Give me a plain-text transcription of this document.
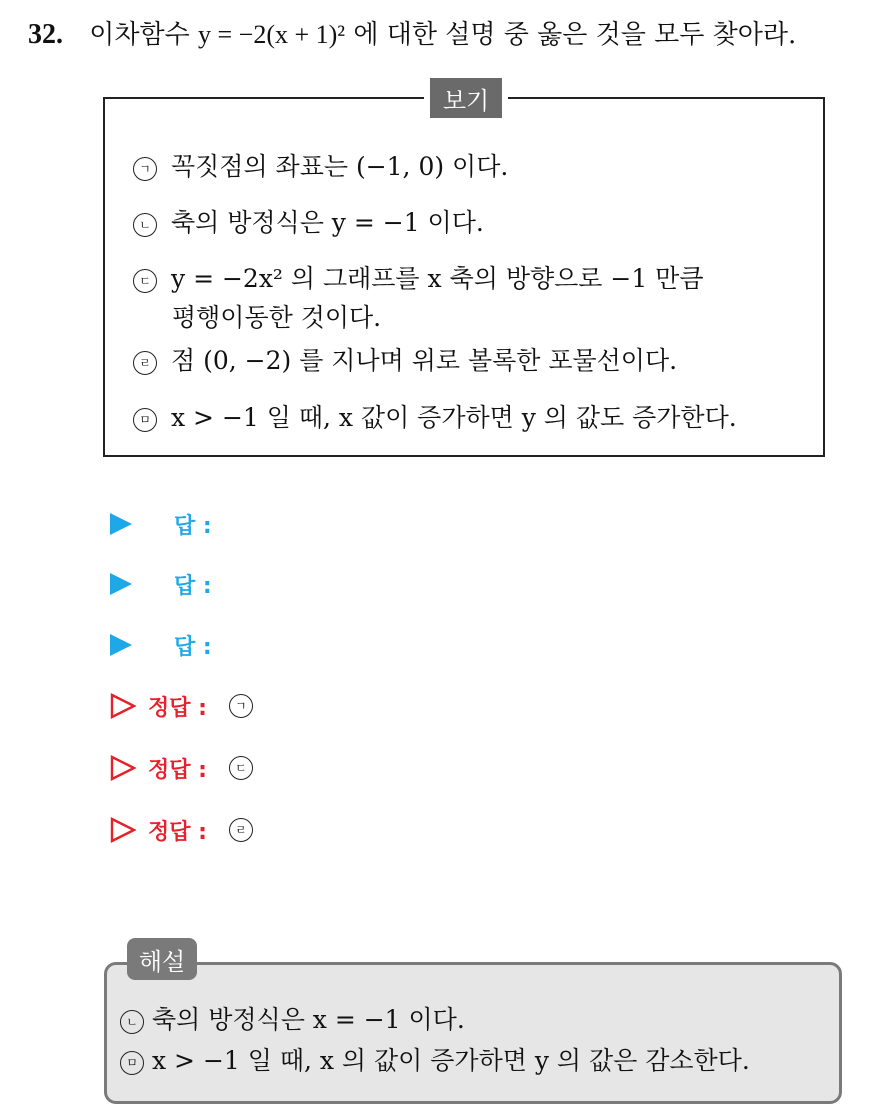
32. 이차함수 y = −2(x + 1)² 에 대한 설명 중 옳은 것을 모두 찾아라.
보기
ㄱ 꼭짓점의 좌표는 (−1, 0) 이다.
ㄴ 축의 방정식은 y = −1 이다.
ㄷ y = −2x² 의 그래프를 x 축의 방향으로 −1 만큼
평행이동한 것이다.
ㄹ 점 (0, −2) 를 지나며 위로 볼록한 포물선이다.
ㅁ x > −1 일 때, x 값이 증가하면 y 의 값도 증가한다.
답 :
답 :
답 :
정답 :	ㄱ
정답 :	ㄷ
정답 :	ㄹ
해설
ㄴ 축의 방정식은 x = −1 이다.
ㅁ x > −1 일 때, x 의 값이 증가하면 y 의 값은 감소한다.
